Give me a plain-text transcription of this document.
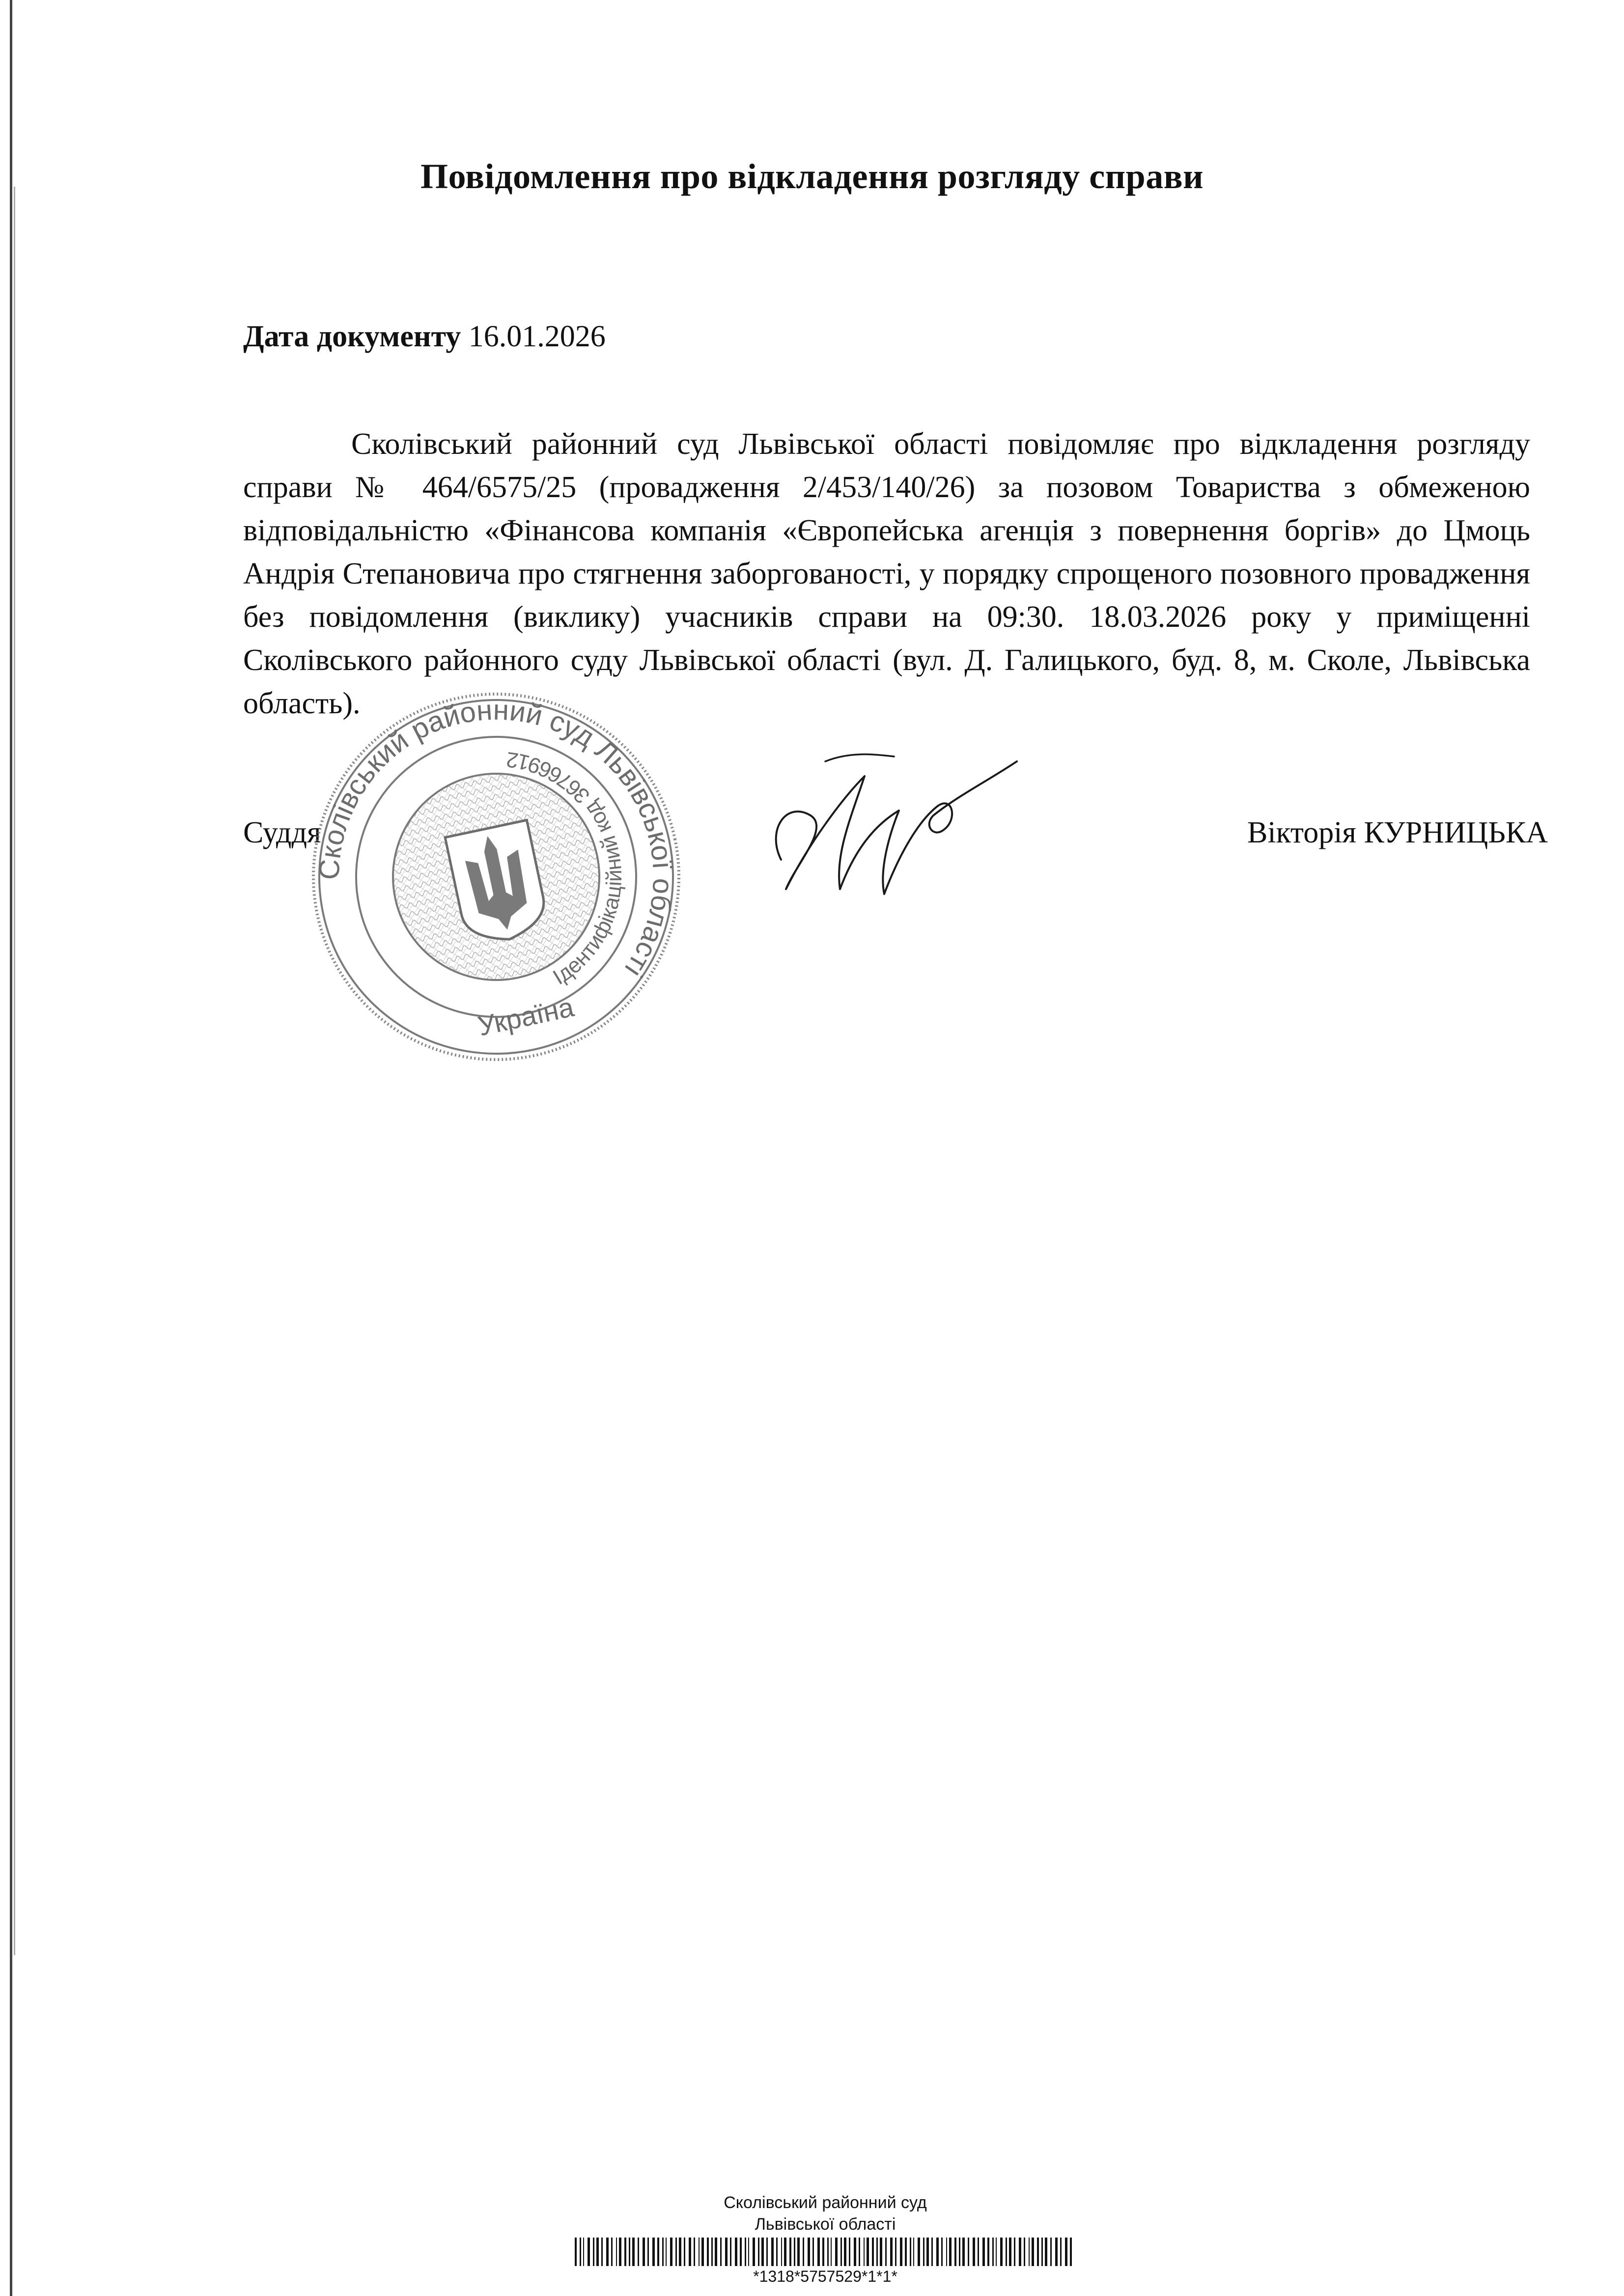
Повідомлення про відкладення розгляду справи
Дата документу 16.01.2026
Сколівський районний суд Львівської області повідомляє про відкладення розгляду справи № 464/6575/25 (провадження 2/453/140/26) за позовом Товариства з обмеженою відповідальністю «Фінансова компанія «Європейська агенція з повернення боргів» до Цмоць Андрія Степановича про стягнення заборгованості, у порядку спрощеного позовного провадження без повідомлення (виклику) учасників справи на 09:30. 18.03.2026 року у приміщенні Сколівського районного суду Львівської області (вул. Д. Галицького, буд. 8, м. Сколе, Львівська область).
Суддя	Вікторія КУРНИЦЬКА
Сколівський районний суд Львівської області
Ідентифікаційний код 36766912
Україна
Сколівський районний суд
Львівської області
*1318*5757529*1*1*
